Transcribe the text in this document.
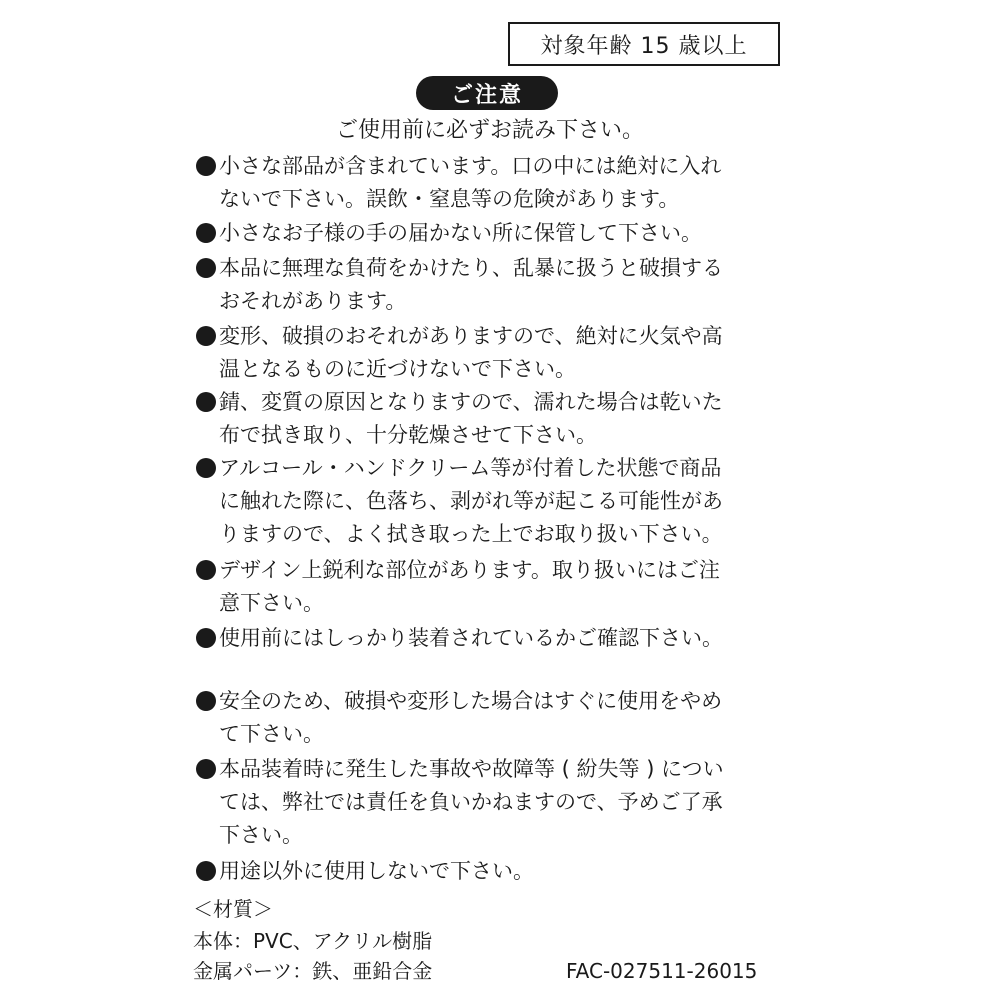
対象年齢 15 歳以上
ご注意
ご使用前に必ずお読み下さい。
小さな部品が含まれています。口の中には絶対に入れ
ないで下さい。誤飲・窒息等の危険があります。
小さなお子様の手の届かない所に保管して下さい。
本品に無理な負荷をかけたり、乱暴に扱うと破損する
おそれがあります。
変形、破損のおそれがありますので、絶対に火気や高
温となるものに近づけないで下さい。
錆、変質の原因となりますので、濡れた場合は乾いた
布で拭き取り、十分乾燥させて下さい。
アルコール・ハンドクリーム等が付着した状態で商品
に触れた際に、色落ち、剥がれ等が起こる可能性があ
りますので、よく拭き取った上でお取り扱い下さい。
デザイン上鋭利な部位があります。取り扱いにはご注
意下さい。
使用前にはしっかり装着されているかご確認下さい。
安全のため、破損や変形した場合はすぐに使用をやめ
て下さい。
本品装着時に発生した事故や故障等 ( 紛失等 ) につい
ては、弊社では責任を負いかねますので、予めご了承
下さい。
用途以外に使用しないで下さい。
＜材質＞
本体：PVC、アクリル樹脂
金属パーツ：鉄、亜鉛合金	FAC-027511-26015
